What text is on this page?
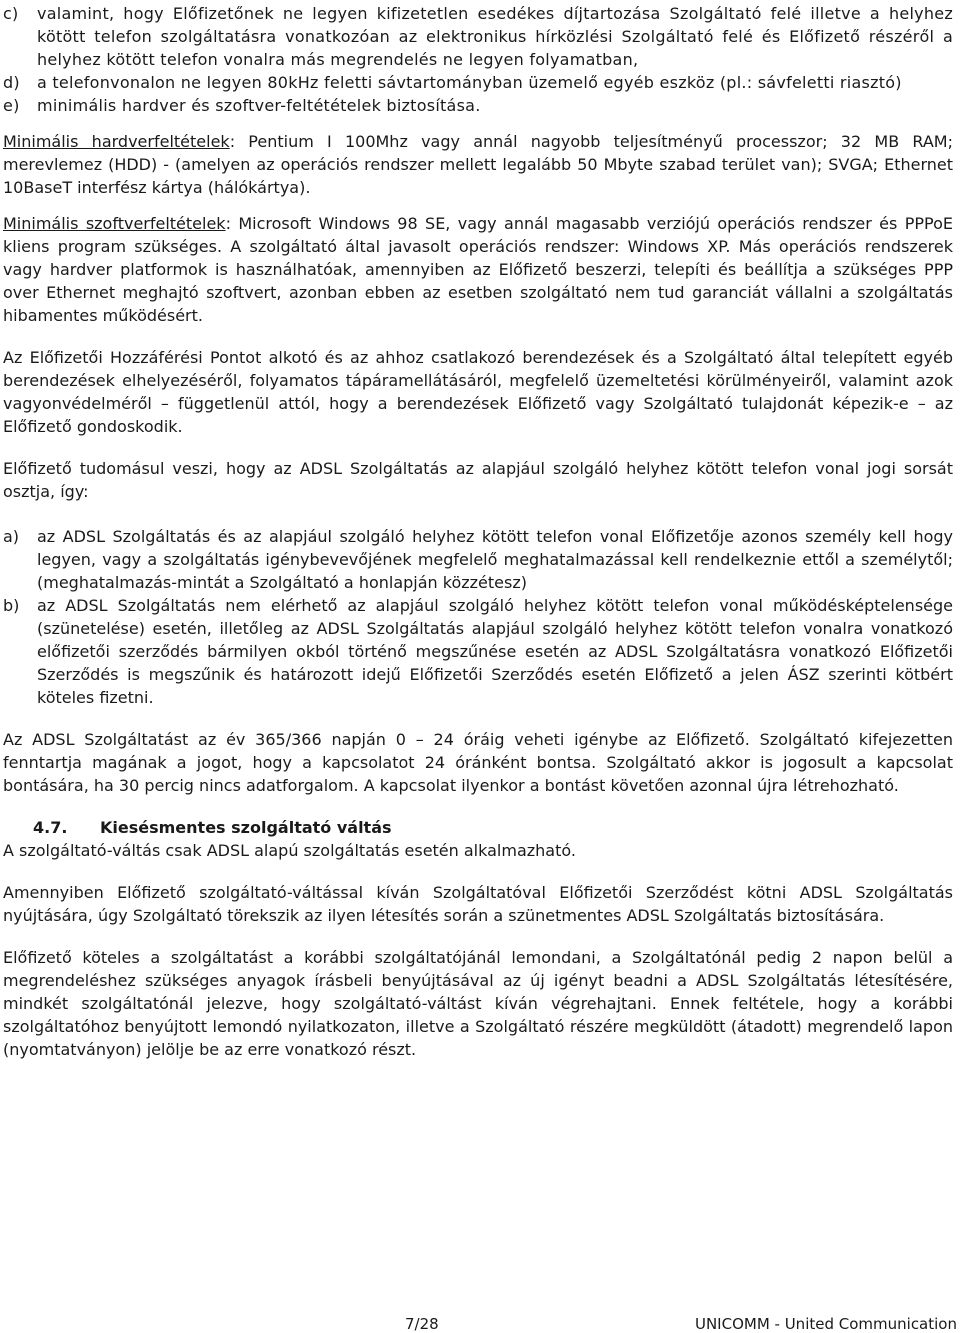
c)	valamint, hogy Előfizetőnek ne legyen kifizetetlen esedékes díjtartozása Szolgáltató felé illetve a helyhez kötött telefon szolgáltatásra vonatkozóan az elektronikus hírközlési Szolgáltató felé és Előfizető részéről a helyhez kötött telefon vonalra más megrendelés ne legyen folyamatban,
d)	a telefonvonalon ne legyen 80kHz feletti sávtartományban üzemelő egyéb eszköz (pl.: sávfeletti riasztó)
e)	minimális hardver és szoftver-feltétételek biztosítása.

Minimális hardverfeltételek: Pentium I 100Mhz vagy annál nagyobb teljesítményű processzor; 32 MB RAM; merevlemez (HDD) - (amelyen az operációs rendszer mellett legalább 50 Mbyte szabad terület van); SVGA; Ethernet 10BaseT interfész kártya (hálókártya).

Minimális szoftverfeltételek: Microsoft Windows 98 SE, vagy annál magasabb verziójú operációs rendszer és PPPoE kliens program szükséges. A szolgáltató által javasolt operációs rendszer: Windows XP. Más operációs rendszerek vagy hardver platformok is használhatóak, amennyiben az Előfizető beszerzi, telepíti és beállítja a szükséges PPP over Ethernet meghajtó szoftvert, azonban ebben az esetben szolgáltató nem tud garanciát vállalni a szolgáltatás hibamentes működésért.

Az Előfizetői Hozzáférési Pontot alkotó és az ahhoz csatlakozó berendezések és a Szolgáltató által telepített egyéb berendezések elhelyezéséről, folyamatos tápáramellátásáról, megfelelő üzemeltetési körülményeiről, valamint azok vagyonvédelméről – függetlenül attól, hogy a berendezések Előfizető vagy Szolgáltató tulajdonát képezik-e – az Előfizető gondoskodik.

Előfizető tudomásul veszi, hogy az ADSL Szolgáltatás az alapjául szolgáló helyhez kötött telefon vonal jogi sorsát osztja, így:

a)	az ADSL Szolgáltatás és az alapjául szolgáló helyhez kötött telefon vonal Előfizetője azonos személy kell hogy legyen, vagy a szolgáltatás igénybevevőjének megfelelő meghatalmazással kell rendelkeznie ettől a személytől; (meghatalmazás-mintát a Szolgáltató a honlapján közzétesz)
b)	az ADSL Szolgáltatás nem elérhető az alapjául szolgáló helyhez kötött telefon vonal működésképtelensége (szünetelése) esetén, illetőleg az ADSL Szolgáltatás alapjául szolgáló helyhez kötött telefon vonalra vonatkozó előfizetői szerződés bármilyen okból történő megszűnése esetén az ADSL Szolgáltatásra vonatkozó Előfizetői Szerződés is megszűnik és határozott idejű Előfizetői Szerződés esetén Előfizető a jelen ÁSZ szerinti kötbért köteles fizetni.

Az ADSL Szolgáltatást az év 365/366 napján 0 – 24 óráig veheti igénybe az Előfizető. Szolgáltató kifejezetten fenntartja magának a jogot, hogy a kapcsolatot 24 óránként bontsa. Szolgáltató akkor is jogosult a kapcsolat bontására, ha 30 percig nincs adatforgalom. A kapcsolat ilyenkor a bontást követően azonnal újra létrehozható.

4.7.	Kiesésmentes szolgáltató váltás

A szolgáltató-váltás csak ADSL alapú szolgáltatás esetén alkalmazható.

Amennyiben Előfizető szolgáltató-váltással kíván Szolgáltatóval Előfizetői Szerződést kötni ADSL Szolgáltatás nyújtására, úgy Szolgáltató törekszik az ilyen létesítés során a szünetmentes ADSL Szolgáltatás biztosítására.

Előfizető köteles a szolgáltatást a korábbi szolgáltatójánál lemondani, a Szolgáltatónál pedig 2 napon belül a megrendeléshez szükséges anyagok írásbeli benyújtásával az új igényt beadni a ADSL Szolgáltatás létesítésére, mindkét szolgáltatónál jelezve, hogy szolgáltató-váltást kíván végrehajtani. Ennek feltétele, hogy a korábbi szolgáltatóhoz benyújtott lemondó nyilatkozaton, illetve a Szolgáltató részére megküldött (átadott) megrendelő lapon (nyomtatványon) jelölje be az erre vonatkozó részt.

7/28	UNICOMM - United Communication
